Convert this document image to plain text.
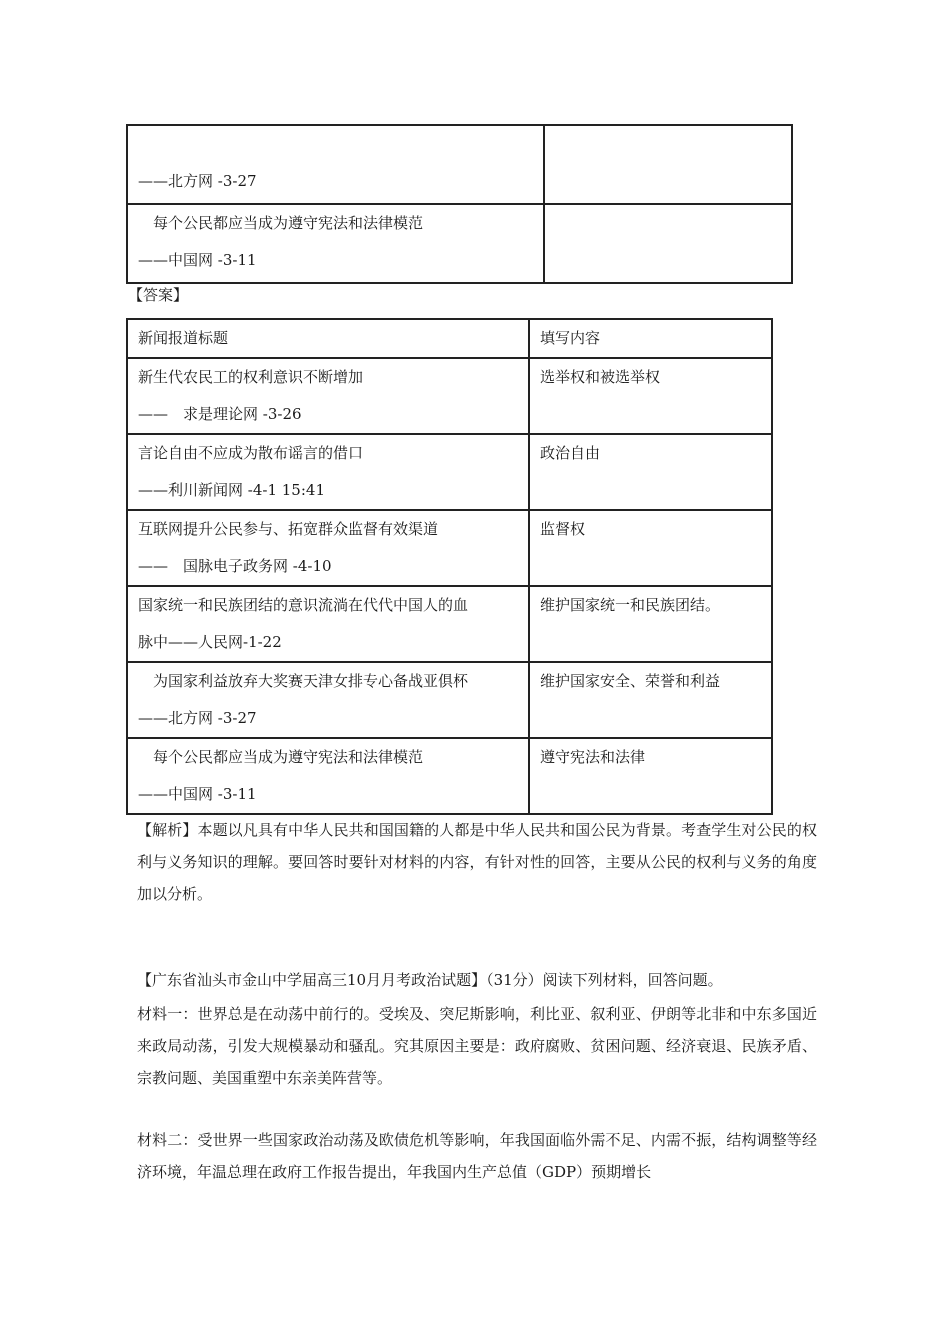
——北方网 -3-27	

　每个公民都应当成为遵守宪法和法律模范
——中国网 -3-11	

【答案】
新闻报道标题	填写内容

新生代农民工的权利意识不断增加
——　求是理论网 -3-26	选举权和被选举权

言论自由不应成为散布谣言的借口
——利川新闻网 -4-1 15:41	政治自由

互联网提升公民参与、拓宽群众监督有效渠道
——　国脉电子政务网 -4-10	监督权

国家统一和民族团结的意识流淌在代代中国人的血
脉中——人民网-1-22	维护国家统一和民族团结。

　为国家利益放弃大奖赛天津女排专心备战亚俱杯
——北方网 -3-27	维护国家安全、荣誉和利益

　每个公民都应当成为遵守宪法和法律模范
——中国网 -3-11	遵守宪法和法律
【解析】本题以凡具有中华人民共和国国籍的人都是中华人民共和国公民为背景。考查学生对公民的权利与义务知识的理解。要回答时要针对材料的内容，有针对性的回答，主要从公民的权利与义务的角度加以分析。
【广东省汕头市金山中学届高三10月月考政治试题】（31分）阅读下列材料，回答问题。
材料一：世界总是在动荡中前行的。受埃及、突尼斯影响，利比亚、叙利亚、伊朗等北非和中东多国近来政局动荡，引发大规模暴动和骚乱。究其原因主要是：政府腐败、贫困问题、经济衰退、民族矛盾、宗教问题、美国重塑中东亲美阵营等。
材料二：受世界一些国家政治动荡及欧债危机等影响，年我国面临外需不足、内需不振，结构调整等经济环境，年温总理在政府工作报告提出，年我国内生产总值（GDP）预期增长
